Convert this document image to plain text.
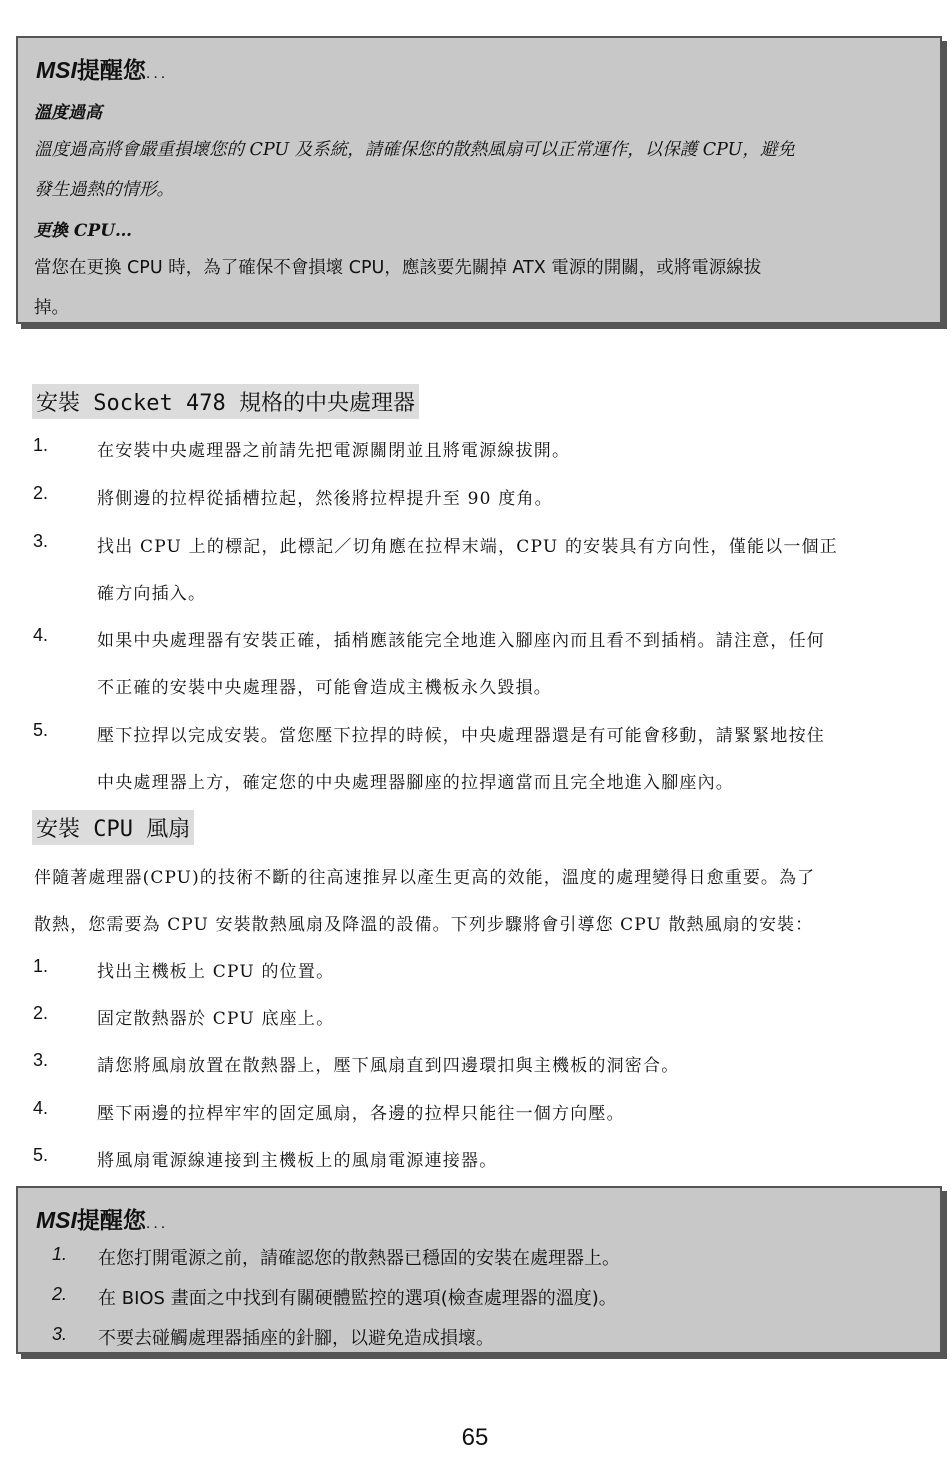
MSI提醒您...
溫度過高
溫度過高將會嚴重損壞您的 CPU 及系統，請確保您的散熱風扇可以正常運作，以保護 CPU，避免
發生過熱的情形。
更換 CPU…
當您在更換 CPU 時，為了確保不會損壞 CPU，應該要先關掉 ATX 電源的開關，或將電源線拔
掉。
安裝 Socket 478 規格的中央處理器
1.	在安裝中央處理器之前請先把電源關閉並且將電源線拔開。
2.	將側邊的拉桿從插槽拉起，然後將拉桿提升至 90 度角。
3.	找出 CPU 上的標記，此標記／切角應在拉桿末端，CPU 的安裝具有方向性，僅能以一個正
確方向插入。
4.	如果中央處理器有安裝正確，插梢應該能完全地進入腳座內而且看不到插梢。請注意，任何
不正確的安裝中央處理器，可能會造成主機板永久毀損。
5.	壓下拉捍以完成安裝。當您壓下拉捍的時候，中央處理器還是有可能會移動，請緊緊地按住
中央處理器上方，確定您的中央處理器腳座的拉捍適當而且完全地進入腳座內。
安裝 CPU 風扇
伴隨著處理器(CPU)的技術不斷的往高速推昇以產生更高的效能，溫度的處理變得日愈重要。為了
散熱，您需要為 CPU 安裝散熱風扇及降溫的設備。下列步驟將會引導您 CPU 散熱風扇的安裝：
1.	找出主機板上 CPU 的位置。
2.	固定散熱器於 CPU 底座上。
3.	請您將風扇放置在散熱器上，壓下風扇直到四邊環扣與主機板的洞密合。
4.	壓下兩邊的拉桿牢牢的固定風扇，各邊的拉桿只能往一個方向壓。
5.	將風扇電源線連接到主機板上的風扇電源連接器。
MSI提醒您...
1. 在您打開電源之前，請確認您的散熱器已穩固的安裝在處理器上。
2. 在 BIOS 畫面之中找到有關硬體監控的選項(檢查處理器的溫度)。
3. 不要去碰觸處理器插座的針腳，以避免造成損壞。
65
